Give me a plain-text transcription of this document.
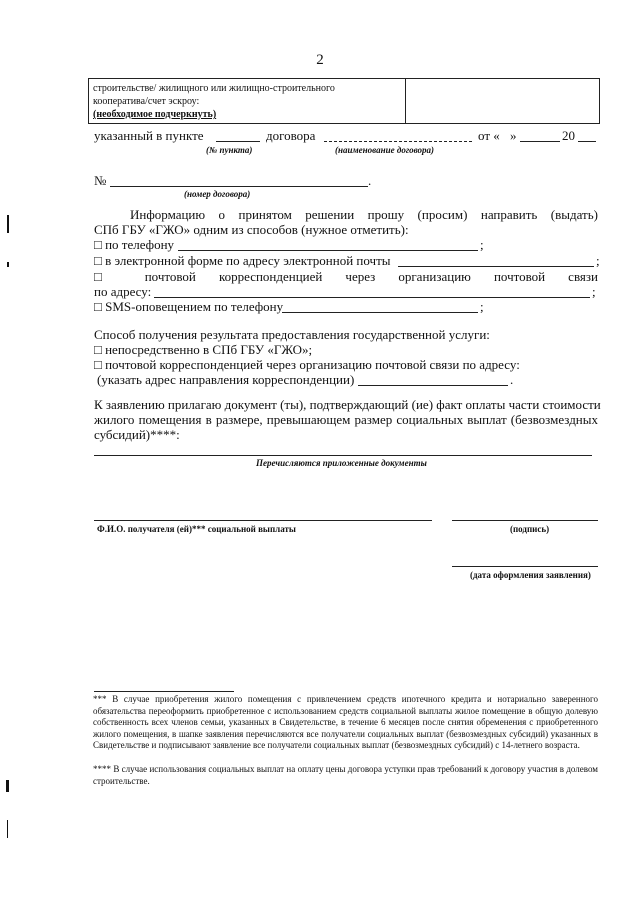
2
строительстве/ жилищного или жилищно-строительного
кооператива/счет эскроу:
(необходимое подчеркнуть)
указанный в пункте	договора	от « »	20
(№ пункта)	(наименование договора)
№	.
(номер договора)
Информацию о принятом решении прошу (просим) направить (выдать)
СПб ГБУ «ГЖО» одним из способов (нужное отметить):
□ по телефону	;
□ в электронной форме по адресу электронной почты	;
□ почтовой корреспонденцией через организацию почтовой связи
по адресу:	;
□ SMS-оповещением по телефону	;
Способ получения результата предоставления государственной услуги:
□ непосредственно в СПб ГБУ «ГЖО»;
□ почтовой корреспонденцией через организацию почтовой связи по адресу:
(указать адрес направления корреспонденции)	.
К заявлению прилагаю документ (ты), подтверждающий (ие) факт оплаты части стоимости
жилого помещения в размере, превышающем размер социальных выплат (безвозмездных
субсидий)****:
Перечисляются приложенные документы
Ф.И.О. получателя (ей)*** социальной выплаты	(подпись)
(дата оформления заявления)
*** В случае приобретения жилого помещения с привлечением средств ипотечного кредита и нотариально заверенного обязательства переоформить приобретенное с использованием средств социальной выплаты жилое помещение в общую долевую собственность всех членов семьи, указанных в Свидетельстве, в течение 6 месяцев после снятия обременения с приобретенного жилого помещения, в шапке заявления перечисляются все получатели социальных выплат (безвозмездных субсидий) указанных в Свидетельстве и подписывают заявление все получатели социальных выплат (безвозмездных субсидий) с 14-летнего возраста.
**** В случае использования социальных выплат на оплату цены договора уступки прав требований к договору участия в долевом строительстве.
